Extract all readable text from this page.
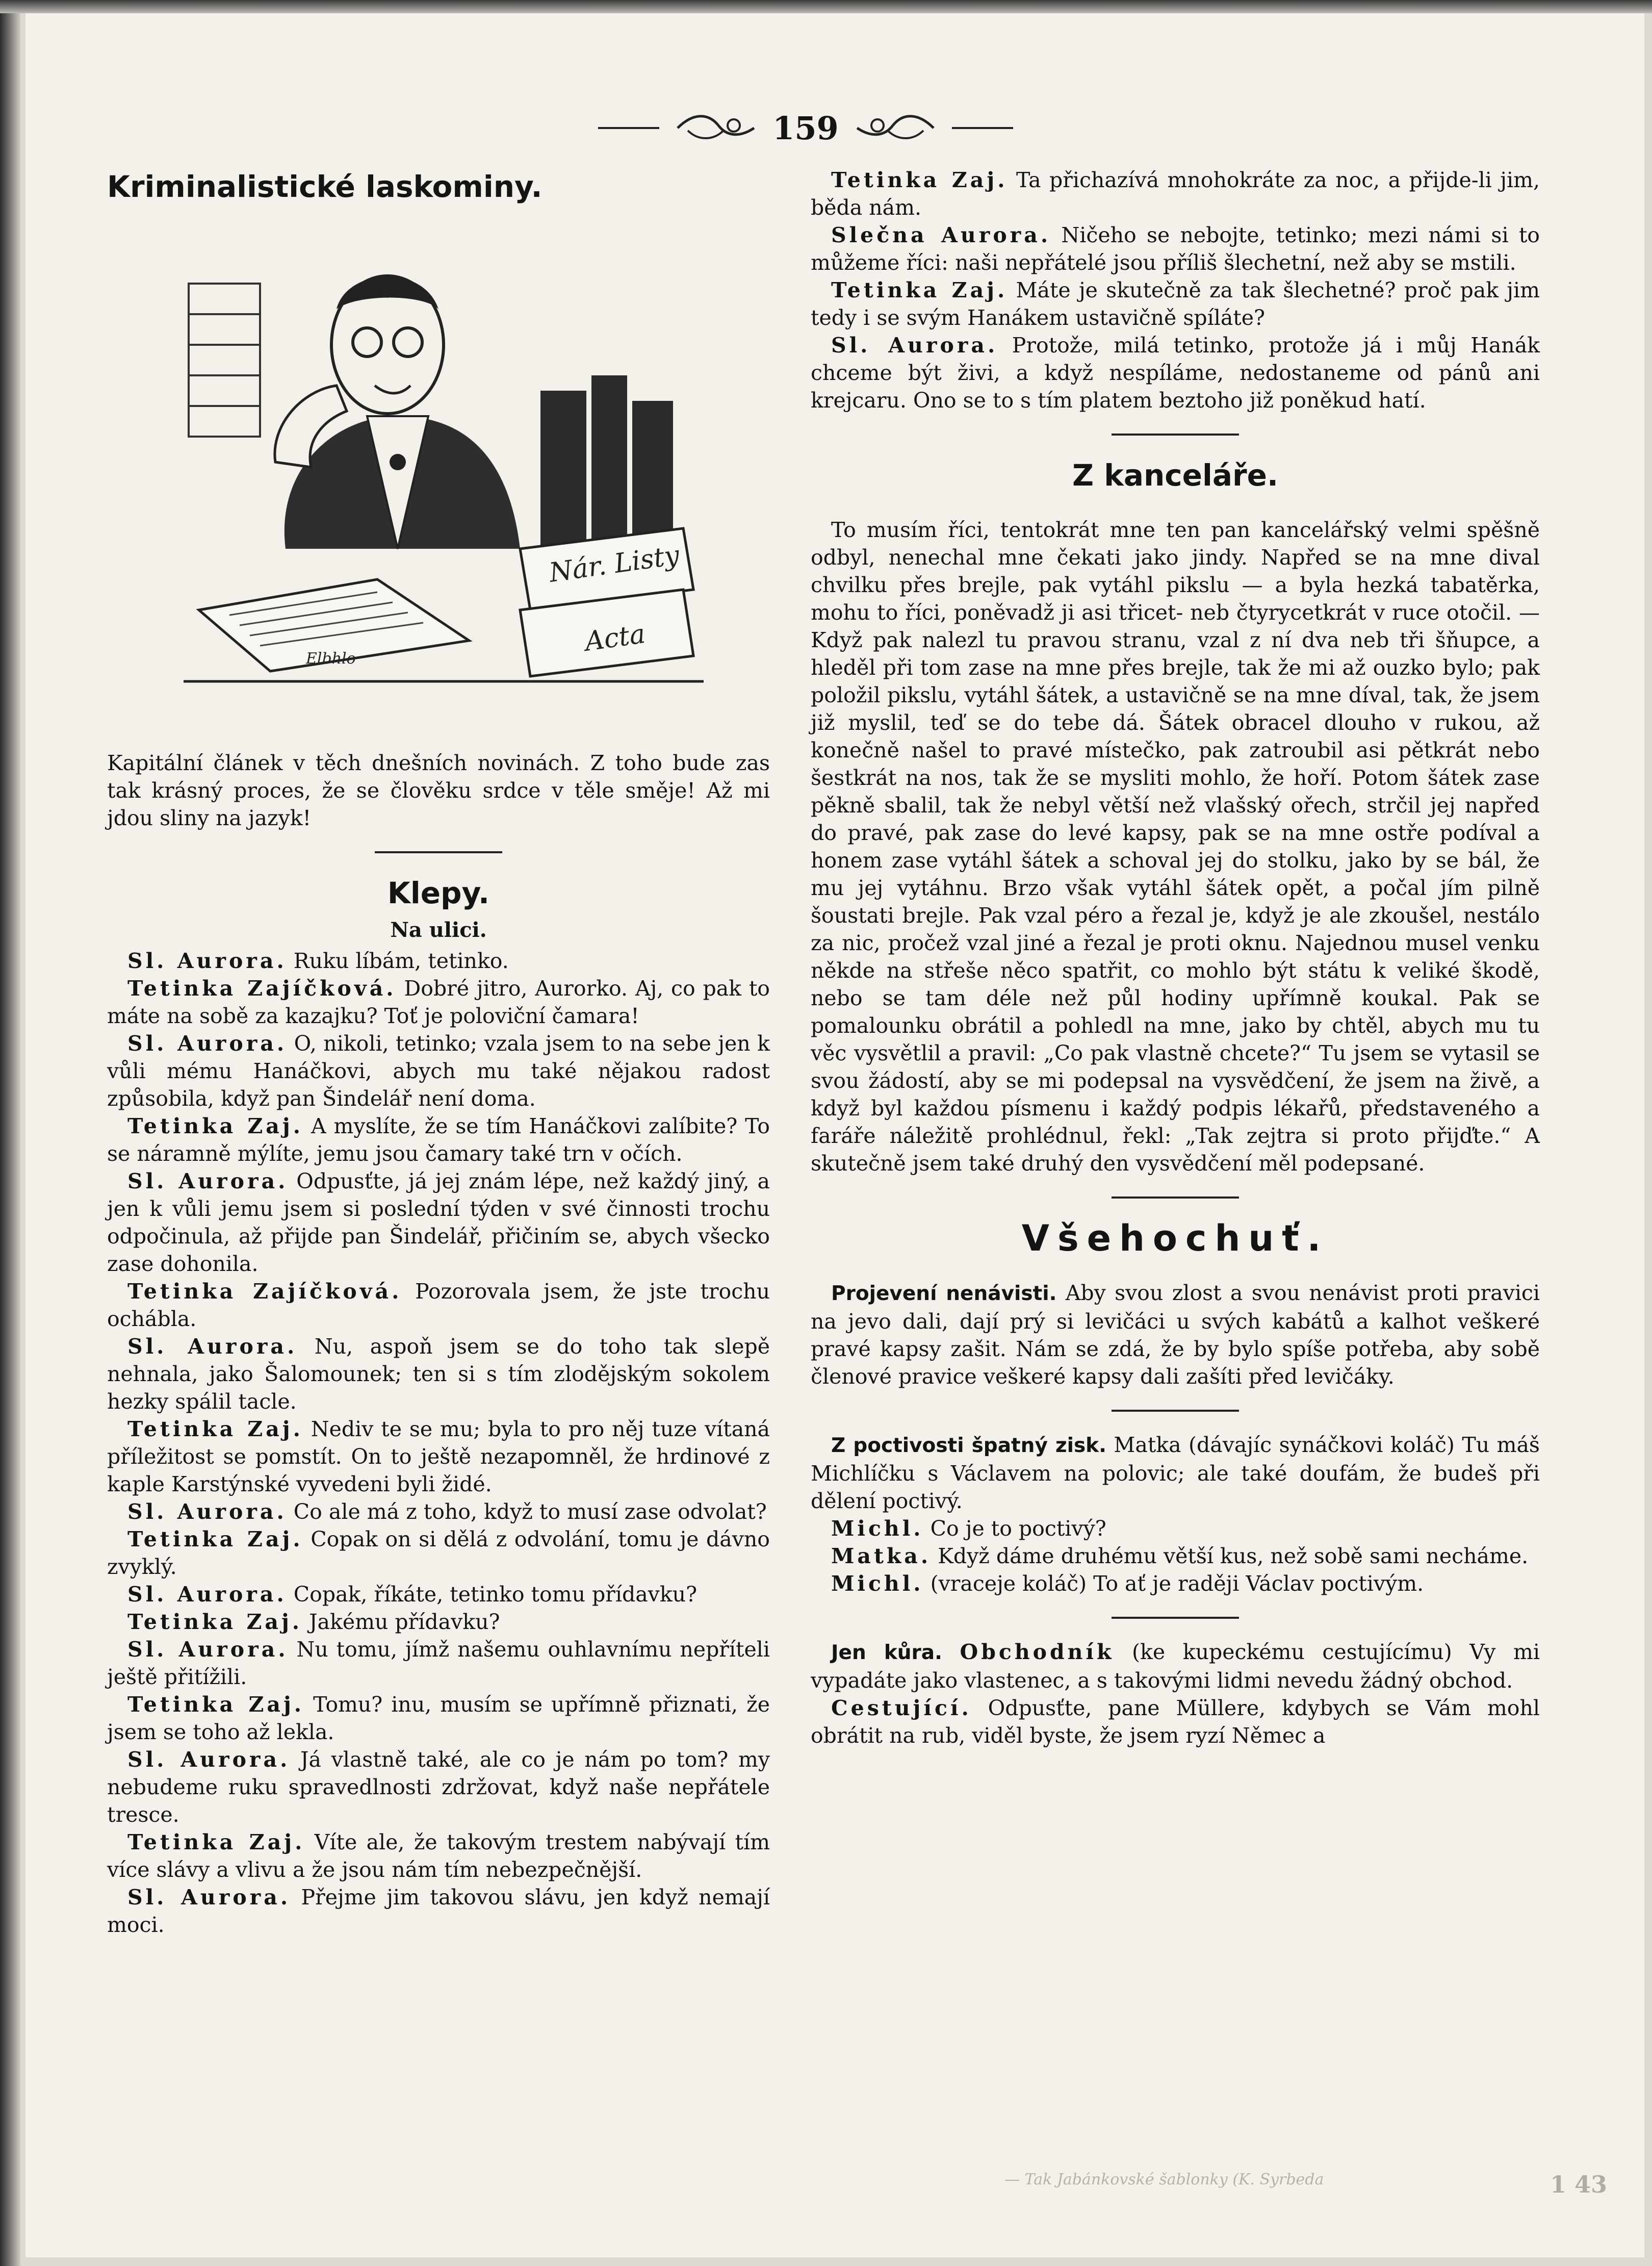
159
Kriminalistické laskominy.
Elbhlo
Nár. Listy
Acta

Kapitální článek v těch dnešních novinách. Z toho bude zas tak krásný proces, že se člověku srdce v těle směje! Až mi jdou sliny na jazyk!

Klepy.
Na ulici.

Sl. Aurora. Ruku líbám, tetinko.

Tetinka Zajíčková. Dobré jitro, Aurorko. Aj, co pak to máte na sobě za kazajku? Toť je poloviční čamara!

Sl. Aurora. O, nikoli, tetinko; vzala jsem to na sebe jen k vůli mému Hanáčkovi, abych mu také nějakou radost způsobila, když pan Šindelář není doma.

Tetinka Zaj. A myslíte, že se tím Hanáčkovi zalíbite? To se náramně mýlíte, jemu jsou čamary také trn v očích.

Sl. Aurora. Odpusťte, já jej znám lépe, než každý jiný, a jen k vůli jemu jsem si poslední týden v své činnosti trochu odpočinula, až přijde pan Šindelář, přičiním se, abych všecko zase dohonila.

Tetinka Zajíčková. Pozorovala jsem, že jste trochu ochábla.

Sl. Aurora. Nu, aspoň jsem se do toho tak slepě nehnala, jako Šalomounek; ten si s tím zlodějským sokolem hezky spálil tacle.

Tetinka Zaj. Nediv te se mu; byla to pro něj tuze vítaná příležitost se pomstít. On to ještě nezapomněl, že hrdinové z kaple Karstýnské vyvedeni byli židé.

Sl. Aurora. Co ale má z toho, když to musí zase odvolat?

Tetinka Zaj. Copak on si dělá z odvolání, tomu je dávno zvyklý.

Sl. Aurora. Copak, říkáte, tetinko tomu přídavku?

Tetinka Zaj. Jakému přídavku?

Sl. Aurora. Nu tomu, jímž našemu ouhlavnímu nepříteli ještě přitížili.

Tetinka Zaj. Tomu? inu, musím se upřímně přiznati, že jsem se toho až lekla.

Sl. Aurora. Já vlastně také, ale co je nám po tom? my nebudeme ruku spravedlnosti zdržovat, když naše nepřátele tresce.

Tetinka Zaj. Víte ale, že takovým trestem nabývají tím více slávy a vlivu a že jsou nám tím nebezpečnější.

Sl. Aurora. Přejme jim takovou slávu, jen když nemají moci.

Tetinka Zaj. Ta přichazívá mnohokráte za noc, a přijde-li jim, běda nám.

Slečna Aurora. Ničeho se nebojte, tetinko; mezi námi si to můžeme říci: naši nepřátelé jsou příliš šlechetní, než aby se mstili.

Tetinka Zaj. Máte je skutečně za tak šlechetné? proč pak jim tedy i se svým Hanákem ustavičně spíláte?

Sl. Aurora. Protože, milá tetinko, protože já i můj Hanák chceme být živi, a když nespíláme, nedostaneme od pánů ani krejcaru. Ono se to s tím platem beztoho již poněkud hatí.

Z kanceláře.

To musím říci, tentokrát mne ten pan kancelářský velmi spěšně odbyl, nenechal mne čekati jako jindy. Napřed se na mne dival chvilku přes brejle, pak vytáhl pikslu — a byla hezká tabatěrka, mohu to říci, poněvadž ji asi třicet- neb čtyrycetkrát v ruce otočil. — Když pak nalezl tu pravou stranu, vzal z ní dva neb tři šňupce, a hleděl při tom zase na mne přes brejle, tak že mi až ouzko bylo; pak položil pikslu, vytáhl šátek, a ustavičně se na mne díval, tak, že jsem již myslil, teď se do tebe dá. Šátek obracel dlouho v rukou, až konečně našel to pravé místečko, pak zatroubil asi pětkrát nebo šestkrát na nos, tak že se mysliti mohlo, že hoří. Potom šátek zase pěkně sbalil, tak že nebyl větší než vlašský ořech, strčil jej napřed do pravé, pak zase do levé kapsy, pak se na mne ostře podíval a honem zase vytáhl šátek a schoval jej do stolku, jako by se bál, že mu jej vytáhnu. Brzo však vytáhl šátek opět, a počal jím pilně šoustati brejle. Pak vzal péro a řezal je, když je ale zkoušel, nestálo za nic, pročež vzal jiné a řezal je proti oknu. Najednou musel venku někde na střeše něco spatřit, co mohlo být státu k veliké škodě, nebo se tam déle než půl hodiny upřímně koukal. Pak se pomalounku obrátil a pohledl na mne, jako by chtěl, abych mu tu věc vysvětlil a pravil: „Co pak vlastně chcete?“ Tu jsem se vytasil se svou žádostí, aby se mi podepsal na vysvědčení, že jsem na živě, a když byl každou písmenu i každý podpis lékařů, představeného a faráře náležitě prohlédnul, řekl: „Tak zejtra si proto přijďte.“ A skutečně jsem také druhý den vysvědčení měl podepsané.

Všehochuť.

Projevení nenávisti. Aby svou zlost a svou nenávist proti pravici na jevo dali, dají prý si levičáci u svých kabátů a kalhot veškeré pravé kapsy zašit. Nám se zdá, že by bylo spíše potřeba, aby sobě členové pravice veškeré kapsy dali zašíti před levičáky.

Z poctivosti špatný zisk. Matka (dávajíc synáčkovi koláč) Tu máš Michlíčku s Václavem na polovic; ale také doufám, že budeš při dělení poctivý.

Michl. Co je to poctivý?

Matka. Když dáme druhému větší kus, než sobě sami necháme.

Michl. (vraceje koláč) To ať je raději Václav poctivým.

Jen kůra. Obchodník (ke kupeckému cestujícímu) Vy mi vypadáte jako vlastenec, a s takovými lidmi nevedu žádný obchod.

Cestující. Odpusťte, pane Müllere, kdybych se Vám mohl obrátit na rub, viděl byste, že jsem ryzí Němec a

— Tak Jabánkovské šablonky (K. Syrbeda	1 43
